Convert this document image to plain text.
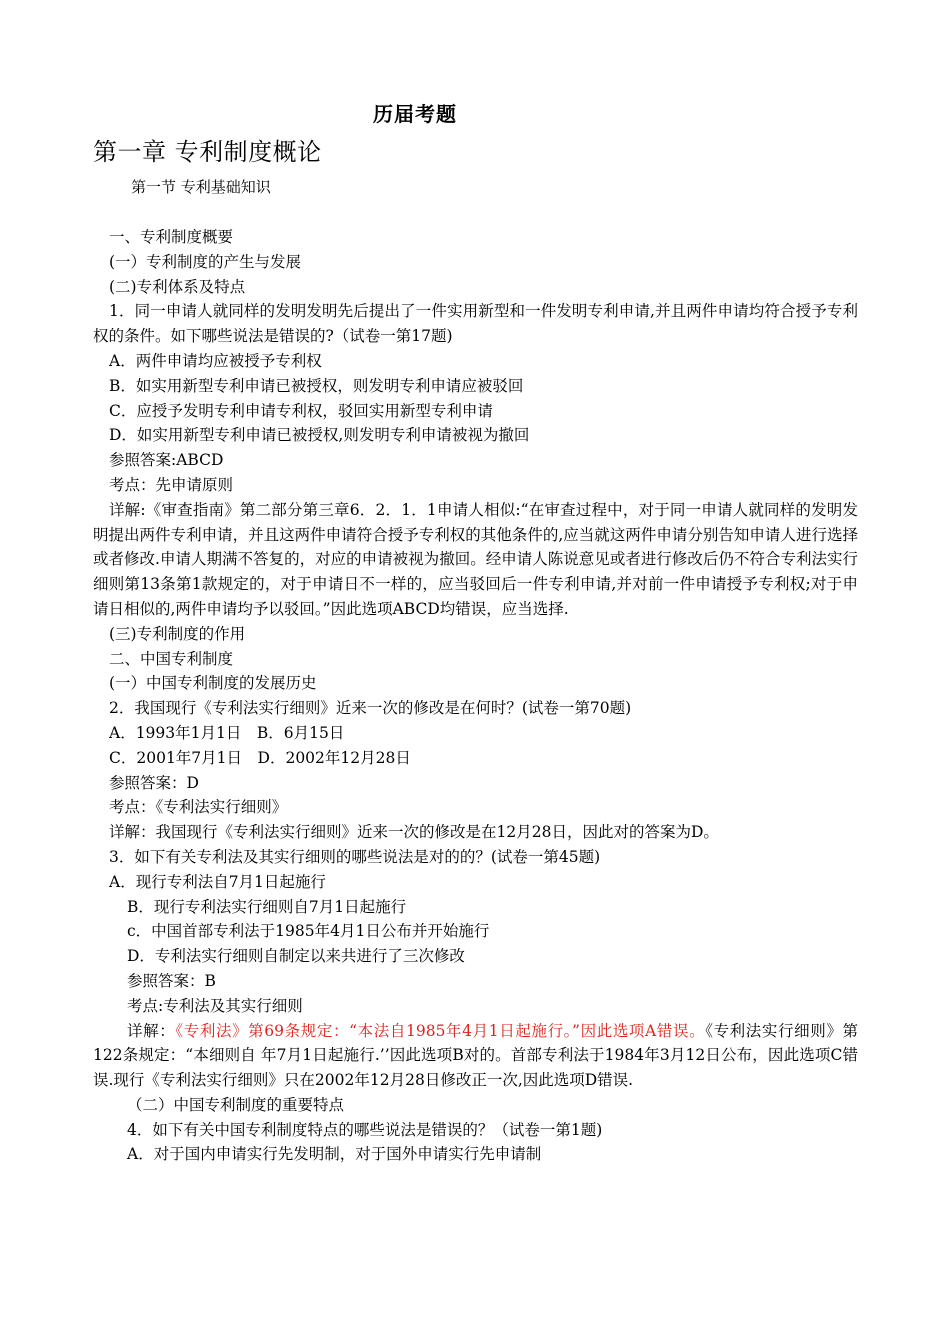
历届考题
第一章 专利制度概论
第一节 专利基础知识

一、专利制度概要

(一）专利制度的产生与发展

(二)专利体系及特点

1．同一申请人就同样的发明发明先后提出了一件实用新型和一件发明专利申请,并且两件申请均符合授予专利权的条件。如下哪些说法是错误的?（试卷一第17题)

A．两件申请均应被授予专利权

B．如实用新型专利申请已被授权，则发明专利申请应被驳回

C．应授予发明专利申请专利权，驳回实用新型专利申请

D．如实用新型专利申请已被授权,则发明专利申请被视为撤回

参照答案:ABCD

考点：先申请原则

详解:《审查指南》第二部分第三章6．2．1．1申请人相似:“在审查过程中，对于同一申请人就同样的发明发明提出两件专利申请，并且这两件申请符合授予专利权的其他条件的,应当就这两件申请分别告知申请人进行选择或者修改.申请人期满不答复的，对应的申请被视为撤回。经申请人陈说意见或者进行修改后仍不符合专利法实行细则第13条第1款规定的，对于申请日不一样的，应当驳回后一件专利申请,并对前一件申请授予专利权;对于申请日相似的,两件申请均予以驳回。”因此选项ABCD均错误，应当选择.

(三)专利制度的作用

二、中国专利制度

(一）中国专利制度的发展历史

2．我国现行《专利法实行细则》近来一次的修改是在何时？(试卷一第70题)

A．1993年1月1日　B．6月15日

C．2001年7月1日　D．2002年12月28日

参照答案：D

考点：《专利法实行细则》

详解：我国现行《专利法实行细则》近来一次的修改是在12月28日，因此对的答案为D。

3．如下有关专利法及其实行细则的哪些说法是对的的？(试卷一第45题)

A．现行专利法自7月1日起施行

B．现行专利法实行细则自7月1日起施行

c．中国首部专利法于1985年4月1日公布并开始施行

D．专利法实行细则自制定以来共进行了三次修改

参照答案：B

考点:专利法及其实行细则

详解：《专利法》第69条规定：“本法自1985年4月1日起施行。”因此选项A错误。《专利法实行细则》第122条规定：“本细则自 年7月1日起施行.’’因此选项B对的。首部专利法于1984年3月12日公布，因此选项C错误.现行《专利法实行细则》只在2002年12月28日修改正一次,因此选项D错误.

（二）中国专利制度的重要特点

4．如下有关中国专利制度特点的哪些说法是错误的？（试卷一第1题)

A．对于国内申请实行先发明制，对于国外申请实行先申请制
